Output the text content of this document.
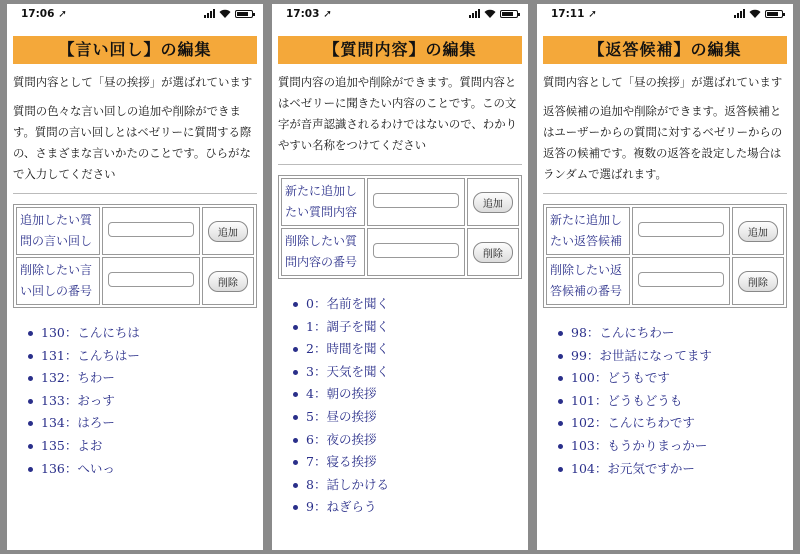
17:06 ➚
【言い回し】の編集
質問内容として「昼の挨拶」が選ばれています
質問の色々な言い回しの追加や削除ができます。質問の言い回しとはベゼリーに質問する際の、さまざまな言いかたのことです。ひらがなで入力してください
追加したい質問の言い回し		追加
削除したい言い回しの番号		削除
130：こんにちは
131：こんちはー
132：ちわー
133：おっす
134：はろー
135：よお
136：へいっ
17:03 ➚
【質問内容】の編集
質問内容の追加や削除ができます。質問内容とはベゼリーに聞きたい内容のことです。この文字が音声認識されるわけではないので、わかりやすい名称をつけてください
新たに追加したい質問内容		追加
削除したい質問内容の番号		削除
0：名前を聞く
1：調子を聞く
2：時間を聞く
3：天気を聞く
4：朝の挨拶
5：昼の挨拶
6：夜の挨拶
7：寝る挨拶
8：話しかける
9：ねぎらう
17:11 ➚
【返答候補】の編集
質問内容として「昼の挨拶」が選ばれています
返答候補の追加や削除ができます。返答候補とはユーザーからの質問に対するベゼリーからの返答の候補です。複数の返答を設定した場合はランダムで選ばれます。
新たに追加したい返答候補		追加
削除したい返答候補の番号		削除
98：こんにちわー
99：お世話になってます
100：どうもです
101：どうもどうも
102：こんにちわです
103：もうかりまっかー
104：お元気ですかー
